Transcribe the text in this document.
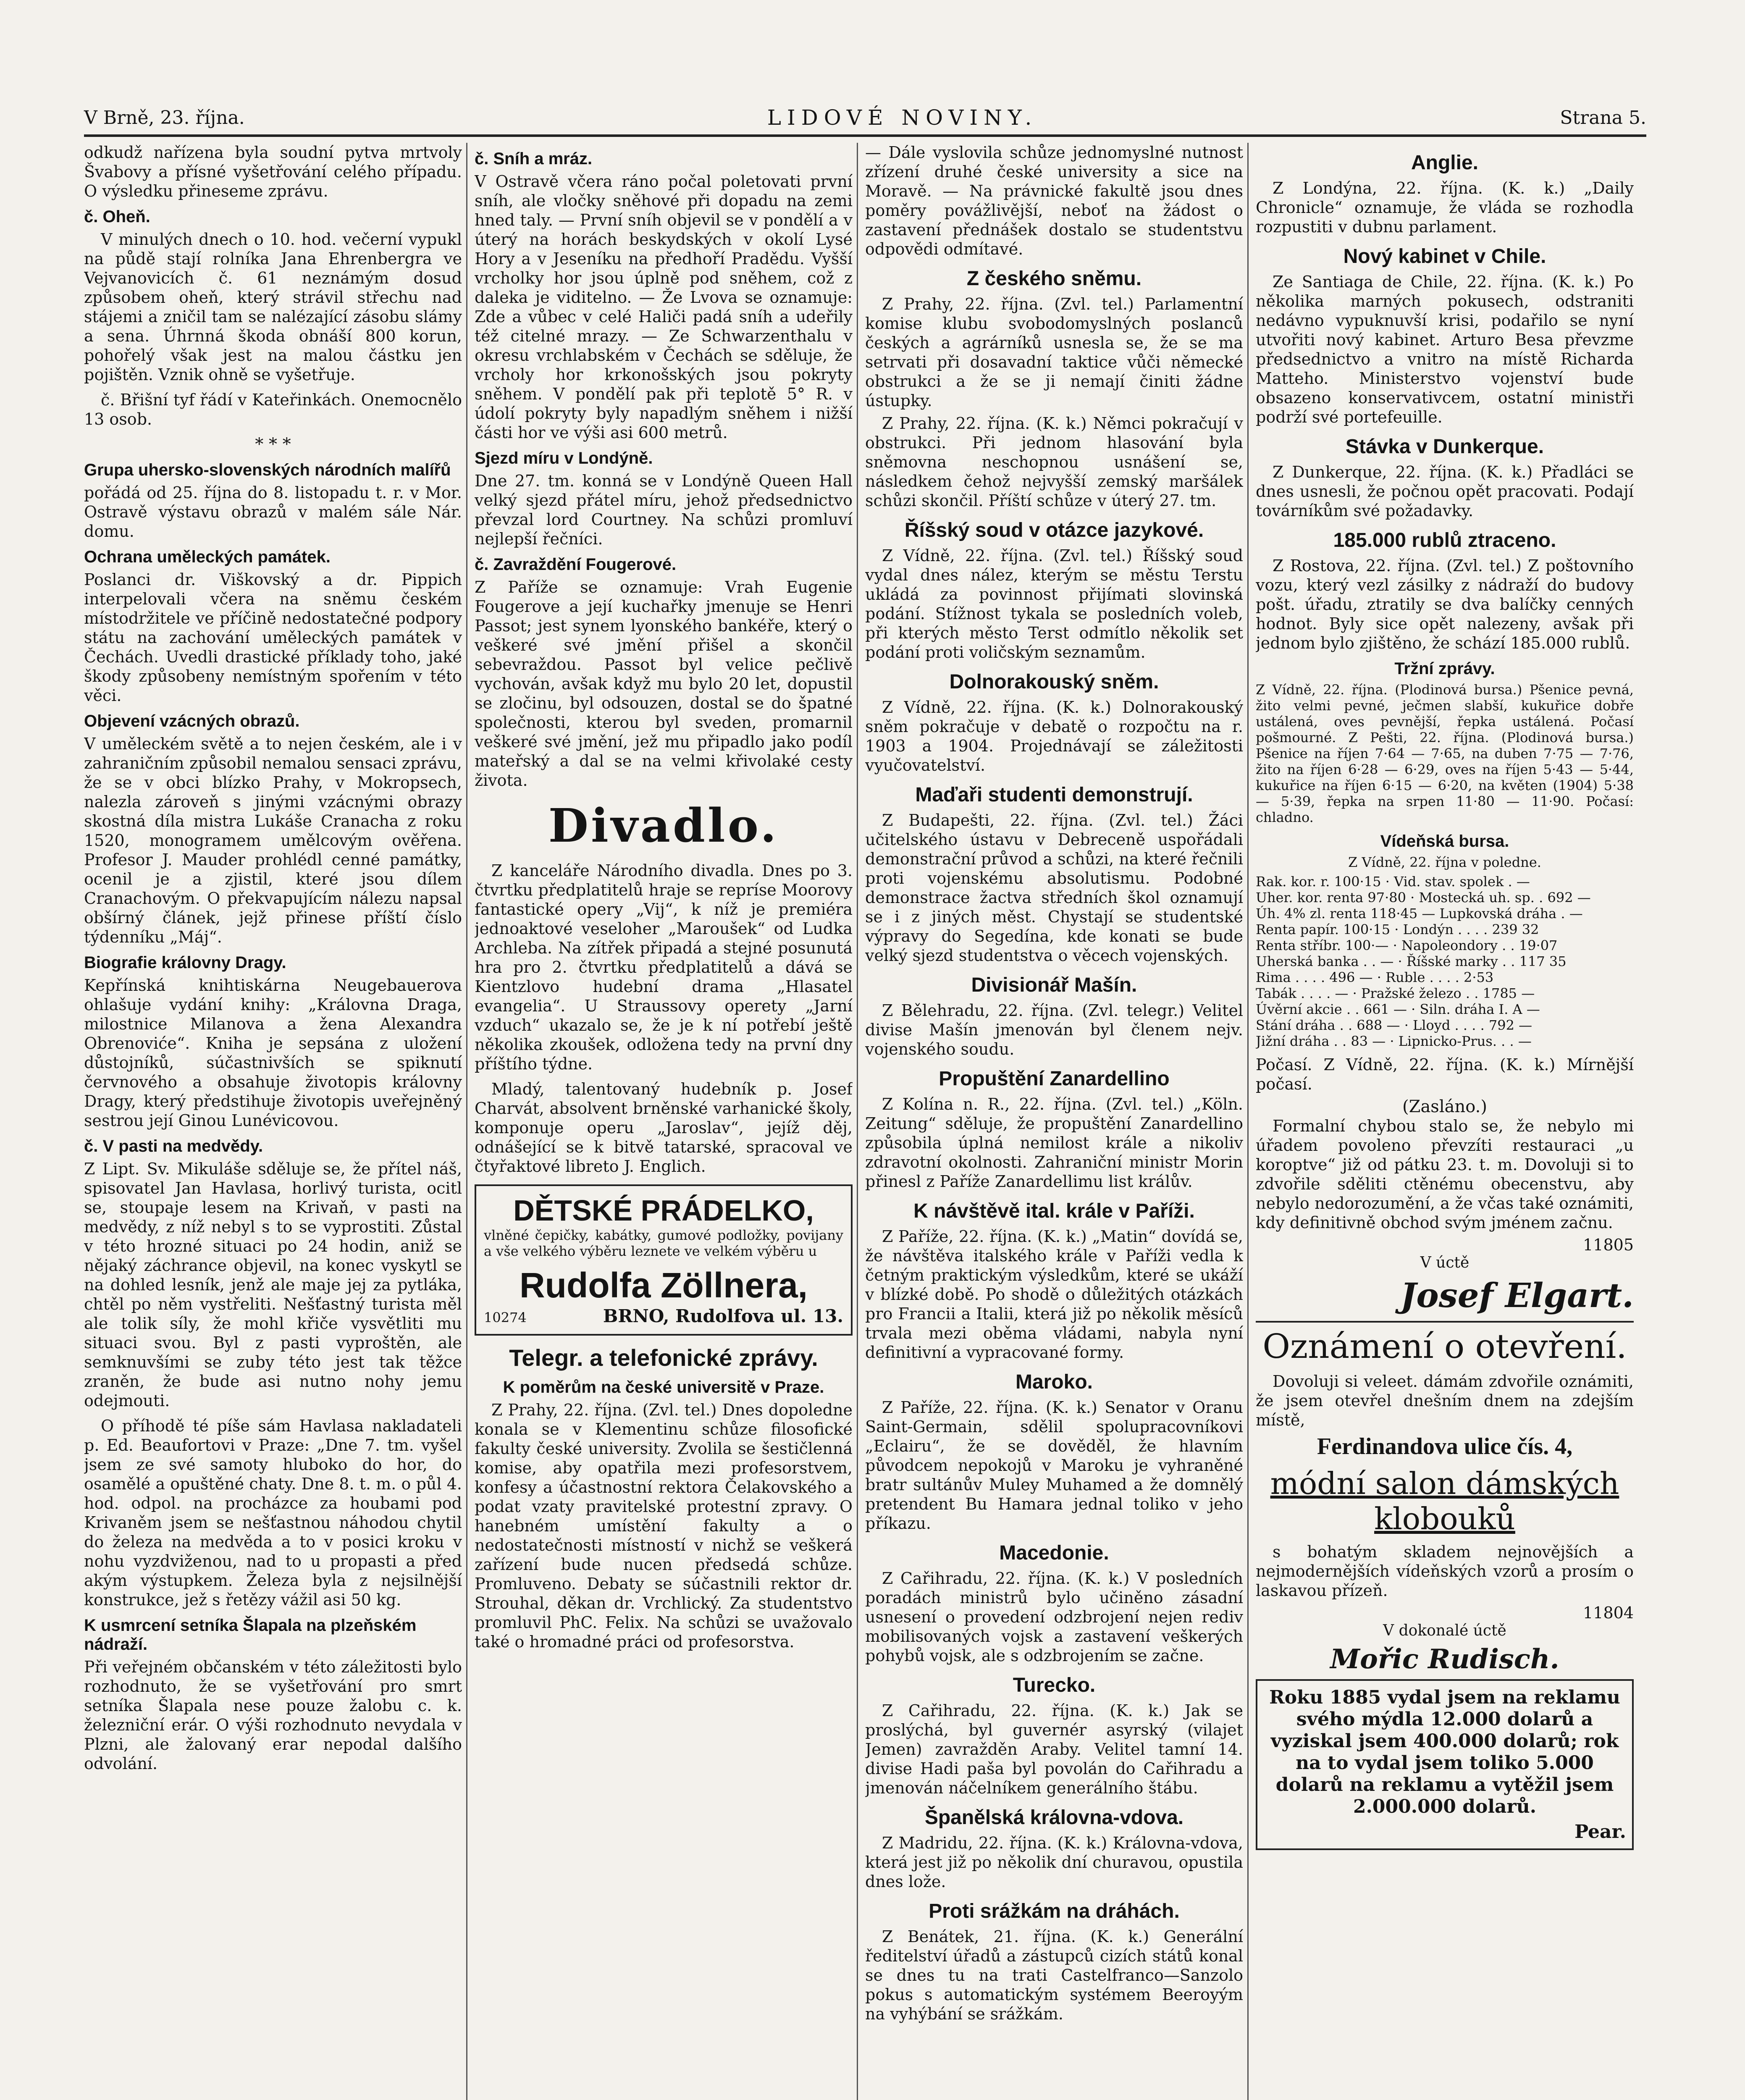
V Brně, 23. října.	LIDOVÉ NOVINY.	Strana 5.

odkudž nařízena byla soudní pytva mrtvoly Švabovy a přísné vyšetřování celého případu. O výsledku přineseme zprávu.

č. Oheň.

V minulých dnech o 10. hod. večerní vypukl na půdě stají rolníka Jana Ehrenbergra ve Vejvanovicích č. 61 neznámým dosud způsobem oheň, který strávil střechu nad stájemi a zničil tam se nalézající zásobu slámy a sena. Úhrnná škoda obnáší 800 korun, pohořelý však jest na malou částku jen pojištěn. Vznik ohně se vyšetřuje.

č. Břišní tyf řádí v Kateřinkách. Onemocnělo 13 osob.

* * *
Grupa uhersko-slovenských národních malířů

pořádá od 25. října do 8. listopadu t. r. v Mor. Ostravě výstavu obrazů v malém sále Nár. domu.

Ochrana uměleckých památek.

Poslanci dr. Viškovský a dr. Pippich interpelovali včera na sněmu českém místodržitele ve příčině nedostatečné podpory státu na zachování uměleckých památek v Čechách. Uvedli drastické příklady toho, jaké škody způsobeny nemístným spořením v této věci.

Objevení vzácných obrazů.

V uměleckém světě a to nejen českém, ale i v zahraničním způsobil nemalou sensaci zprávu, že se v obci blízko Prahy, v Mokropsech, nalezla zároveň s jinými vzácnými obrazy skostná díla mistra Lukáše Cranacha z roku 1520, monogramem umělcovým ověřena. Profesor J. Mauder prohlédl cenné památky, ocenil je a zjistil, které jsou dílem Cranachovým. O překvapujícím nálezu napsal obšírný článek, jejž přinese příští číslo týdenníku „Máj“.

Biografie královny Dragy.

Kepřínská knihtiskárna Neugebauerova ohlašuje vydání knihy: „Královna Draga, milostnice Milanova a žena Alexandra Obrenoviće“. Kniha je sepsána z uložení důstojníků, súčastnivších se spiknutí červnového a obsahuje životopis královny Dragy, který předstihuje životopis uveřejněný sestrou její Ginou Lunévicovou.

č. V pasti na medvědy.

Z Lipt. Sv. Mikuláše sděluje se, že přítel náš, spisovatel Jan Havlasa, horlivý turista, ocitl se, stoupaje lesem na Krivaň, v pasti na medvědy, z níž nebyl s to se vyprostiti. Zůstal v této hrozné situaci po 24 hodin, aniž se nějaký záchrance objevil, na konec vyskytl se na dohled lesník, jenž ale maje jej za pytláka, chtěl po něm vystřeliti. Nešťastný turista měl ale tolik síly, že mohl křiče vysvětliti mu situaci svou. Byl z pasti vyproštěn, ale semknuvšími se zuby této jest tak těžce zraněn, že bude asi nutno nohy jemu odejmouti.

O příhodě té píše sám Havlasa nakladateli p. Ed. Beaufortovi v Praze: „Dne 7. tm. vyšel jsem ze své samoty hluboko do hor, do osamělé a opuštěné chaty. Dne 8. t. m. o půl 4. hod. odpol. na procházce za houbami pod Krivaněm jsem se nešťastnou náhodou chytil do železa na medvěda a to v posici kroku v nohu vyzdviženou, nad to u propasti a před akým výstupkem. Železa byla z nejsilnější konstrukce, jež s řetězy vážil asi 50 kg.

K usmrcení setníka Šlapala na plzeňském nádraží.

Při veřejném občanském v této záležitosti bylo rozhodnuto, že se vyšetřování pro smrt setníka Šlapala nese pouze žalobu c. k. železniční erár. O výši rozhodnuto nevydala v Plzni, ale žalovaný erar nepodal dalšího odvolání.

č. Sníh a mráz.

V Ostravě včera ráno počal poletovati první sníh, ale vločky sněhové při dopadu na zemi hned taly. — První sníh objevil se v pondělí a v úterý na horách beskydských v okolí Lysé Hory a v Jeseníku na předhoří Pradědu. Vyšší vrcholky hor jsou úplně pod sněhem, což z daleka je viditelno. — Že Lvova se oznamuje: Zde a vůbec v celé Haliči padá sníh a udeřily též citelné mrazy. — Ze Schwarzenthalu v okresu vrchlabském v Čechách se sděluje, že vrcholy hor krkonošských jsou pokryty sněhem. V pondělí pak při teplotě 5° R. v údolí pokryty byly napadlým sněhem i nižší části hor ve výši asi 600 metrů.

Sjezd míru v Londýně.

Dne 27. tm. konná se v Londýně Queen Hall velký sjezd přátel míru, jehož předsednictvo převzal lord Courtney. Na schůzi promluví nejlepší řečníci.

č. Zavraždění Fougerové.

Z Paříže se oznamuje: Vrah Eugenie Fougerove a její kuchařky jmenuje se Henri Passot; jest synem lyonského bankéře, který o veškeré své jmění přišel a skončil sebevraždou. Passot byl velice pečlivě vychován, avšak když mu bylo 20 let, dopustil se zločinu, byl odsouzen, dostal se do špatné společnosti, kterou byl sveden, promarnil veškeré své jmění, jež mu připadlo jako podíl mateřský a dal se na velmi křivolaké cesty života.

Divadlo.

Z kanceláře Národního divadla. Dnes po 3. čtvrtku předplatitelů hraje se repríse Moorovy fantastické opery „Vij“, k níž je premiéra jednoaktové veseloher „Maroušek“ od Ludka Archleba. Na zítřek připadá a stejné posunutá hra pro 2. čtvrtku předplatitelů a dává se Kientzlovo hudební drama „Hlasatel evangelia“. U Straussovy operety „Jarní vzduch“ ukazalo se, že je k ní potřebí ještě několika zkoušek, odložena tedy na první dny příštího týdne.

Mladý, talentovaný hudebník p. Josef Charvát, absolvent brněnské varhanické školy, komponuje operu „Jaroslav“, jejíž děj, odnášející se k bitvě tatarské, spracoval ve čtyřaktové libreto J. Englich.

DĚTSKÉ PRÁDELKO,

vlněné čepičky, kabátky, gumové podložky, povijany a vše velkého výběru leznete ve velkém výběru u

Rudolfa Zöllnera,
10274	BRNO, Rudolfova ul. 13.
Telegr. a telefonické zprávy.
K poměrům na české universitě v Praze.

Z Prahy, 22. října. (Zvl. tel.) Dnes dopoledne konala se v Klementinu schůze filosofické fakulty české university. Zvolila se šestičlenná komise, aby opatřila mezi profesorstvem, konfesy a účastnostní rektora Čelakovského a podat vzaty pravitelské protestní zpravy. O hanebném umístění fakulty a o nedostatečnosti místností v nichž se veškerá zařízení bude nucen předsedá schůze. Promluveno. Debaty se súčastnili rektor dr. Strouhal, děkan dr. Vrchlický. Za studentstvo promluvil PhC. Felix. Na schůzi se uvažovalo také o hromadné práci od profesorstva.

— Dále vyslovila schůze jednomyslné nutnost zřízení druhé české university a sice na Moravě. — Na právnické fakultě jsou dnes poměry povážlivější, neboť na žádost o zastavení přednášek dostalo se studentstvu odpovědi odmítavé.

Z českého sněmu.

Z Prahy, 22. října. (Zvl. tel.) Parlamentní komise klubu svobodomyslných poslanců českých a agrárníků usnesla se, že se ma setrvati při dosavadní taktice vůči německé obstrukci a že se ji nemají činiti žádne ústupky.

Z Prahy, 22. října. (K. k.) Němci pokračují v obstrukci. Při jednom hlasování byla sněmovna neschopnou usnášení se, následkem čehož nejvyšší zemský maršálek schůzi skončil. Příští schůze v úterý 27. tm.

Říšský soud v otázce jazykové.

Z Vídně, 22. října. (Zvl. tel.) Říšský soud vydal dnes nález, kterým se městu Terstu ukládá za povinnost přijímati slovinská podání. Stížnost tykala se posledních voleb, při kterých město Terst odmítlo několik set podání proti voličským seznamům.

Dolnorakouský sněm.

Z Vídně, 22. října. (K. k.) Dolnorakouský sněm pokračuje v debatě o rozpočtu na r. 1903 a 1904. Projednávají se záležitosti vyučovatelství.

Maďaři studenti demonstrují.

Z Budapešti, 22. října. (Zvl. tel.) Žáci učitelského ústavu v Debreceně uspořádali demonstrační průvod a schůzi, na které řečnili proti vojenskému absolutismu. Podobné demonstrace žactva středních škol oznamují se i z jiných měst. Chystají se studentské výpravy do Segedína, kde konati se bude velký sjezd studentstva o věcech vojenských.

Divisionář Mašín.

Z Bělehradu, 22. října. (Zvl. telegr.) Velitel divise Mašín jmenován byl členem nejv. vojenského soudu.

Propuštění Zanardellino

Z Kolína n. R., 22. října. (Zvl. tel.) „Köln. Zeitung“ sděluje, že propuštění Zanardellino způsobila úplná nemilost krále a nikoliv zdravotní okolnosti. Zahraniční ministr Morin přinesl z Paříže Zanardellimu list králův.

K návštěvě ital. krále v Paříži.

Z Paříže, 22. října. (K. k.) „Matin“ dovídá se, že návštěva italského krále v Paříži vedla k četným praktickým výsledkům, které se ukáží v blízké době. Po shodě o důležitých otázkách pro Francii a Italii, která již po několik měsíců trvala mezi oběma vládami, nabyla nyní definitivní a vypracované formy.

Maroko.

Z Paříže, 22. října. (K. k.) Senator v Oranu Saint-Germain, sdělil spolupracovníkovi „Eclairu“, že se dověděl, že hlavním původcem nepokojů v Maroku je vyhraněné bratr sultánův Muley Muhamed a že domnělý pretendent Bu Hamara jednal toliko v jeho příkazu.

Macedonie.

Z Cařihradu, 22. října. (K. k.) V posledních poradách ministrů bylo učiněno zásadní usnesení o provedení odzbrojení nejen rediv mobilisovaných vojsk a zastavení veškerých pohybů vojsk, ale s odzbrojením se začne.

Turecko.

Z Cařihradu, 22. října. (K. k.) Jak se proslýchá, byl guvernér asyrský (vilajet Jemen) zavražděn Araby. Velitel tamní 14. divise Hadi paša byl povolán do Cařihradu a jmenován náčelníkem generálního štábu.

Španělská královna-vdova.

Z Madridu, 22. října. (K. k.) Královna-vdova, která jest již po několik dní churavou, opustila dnes lože.

Proti srážkám na dráhách.

Z Benátek, 21. října. (K. k.) Generální ředitelství úřadů a zástupců cizích států konal se dnes tu na trati Castelfranco—Sanzolo pokus s automatickým systémem Beeroyým na vyhýbání se srážkám.

Anglie.

Z Londýna, 22. října. (K. k.) „Daily Chronicle“ oznamuje, že vláda se rozhodla rozpustiti v dubnu parlament.

Nový kabinet v Chile.

Ze Santiaga de Chile, 22. října. (K. k.) Po několika marných pokusech, odstraniti nedávno vypuknuvší krisi, podařilo se nyní utvořiti nový kabinet. Arturo Besa převzme předsednictvo a vnitro na místě Richarda Matteho. Ministerstvo vojenství bude obsazeno konservativcem, ostatní ministři podrží své portefeuille.

Stávka v Dunkerque.

Z Dunkerque, 22. října. (K. k.) Přadláci se dnes usnesli, že počnou opět pracovati. Podají továrníkům své požadavky.

185.000 rublů ztraceno.

Z Rostova, 22. října. (Zvl. tel.) Z poštovního vozu, který vezl zásilky z nádraží do budovy pošt. úřadu, ztratily se dva balíčky cenných hodnot. Byly sice opět nalezeny, avšak při jednom bylo zjištěno, že schází 185.000 rublů.

Tržní zprávy.

Z Vídně, 22. října. (Plodinová bursa.) Pšenice pevná, žito velmi pevné, ječmen slabší, kukuřice dobře ustálená, oves pevnější, řepka ustálená. Počasí pošmourné. Z Pešti, 22. října. (Plodinová bursa.) Pšenice na říjen 7·64 — 7·65, na duben 7·75 — 7·76, žito na říjen 6·28 — 6·29, oves na říjen 5·43 — 5·44, kukuřice na říjen 6·15 — 6·20, na květen (1904) 5·38 — 5·39, řepka na srpen 11·80 — 11·90. Počasí: chladno.

Vídeňská bursa.

Z Vídně, 22. října v poledne.

Rak. kor. r. 100·15 · Vid. stav. spolek . —
Uher. kor. renta 97·80 · Mostecká uh. sp. . 692 —
Úh. 4% zl. renta 118·45 — Lupkovská dráha . —
Renta papír. 100·15 · Londýn . . . . 239 32
Renta stříbr. 100·— · Napoleondory . . 19·07
Uherská banka . . — · Říšské marky . . 117 35
Rima . . . . 496 — · Ruble . . . . 2·53
Tabák . . . . — · Pražské železo . . 1785 —
Úvěrní akcie . . 661 — · Siln. dráha I. A —
Stání dráha . . 688 — · Lloyd . . . . 792 —
Jižní dráha . . 83 — · Lipnicko-Prus. . . —

Počasí. Z Vídně, 22. října. (K. k.) Mírnější počasí.

(Zasláno.)

Formalní chybou stalo se, že nebylo mi úřadem povoleno převzíti restauraci „u koroptve“ již od pátku 23. t. m. Dovoluji si to zdvořile sděliti ctěnému obecenstvu, aby nebylo nedorozumění, a že včas také oznámiti, kdy definitivně obchod svým jménem začnu.

11805
V úctě
Josef Elgart.
Oznámení o otevření.

Dovoluji si veleet. dámám zdvořile oznámiti, že jsem otevřel dnešním dnem na zdejším místě,

Ferdinandova ulice čís. 4,
módní salon dámských klobouků

s bohatým skladem nejnovějších a nejmodernějších vídeňských vzorů a prosím o laskavou přízeň.

11804
V dokonalé úctě
Mořic Rudisch.

Roku 1885 vydal jsem na reklamu svého mýdla 12.000 dolarů a vyziskal jsem 400.000 dolarů; rok na to vydal jsem toliko 5.000 dolarů na reklamu a vytěžil jsem 2.000.000 dolarů.

Pear.
